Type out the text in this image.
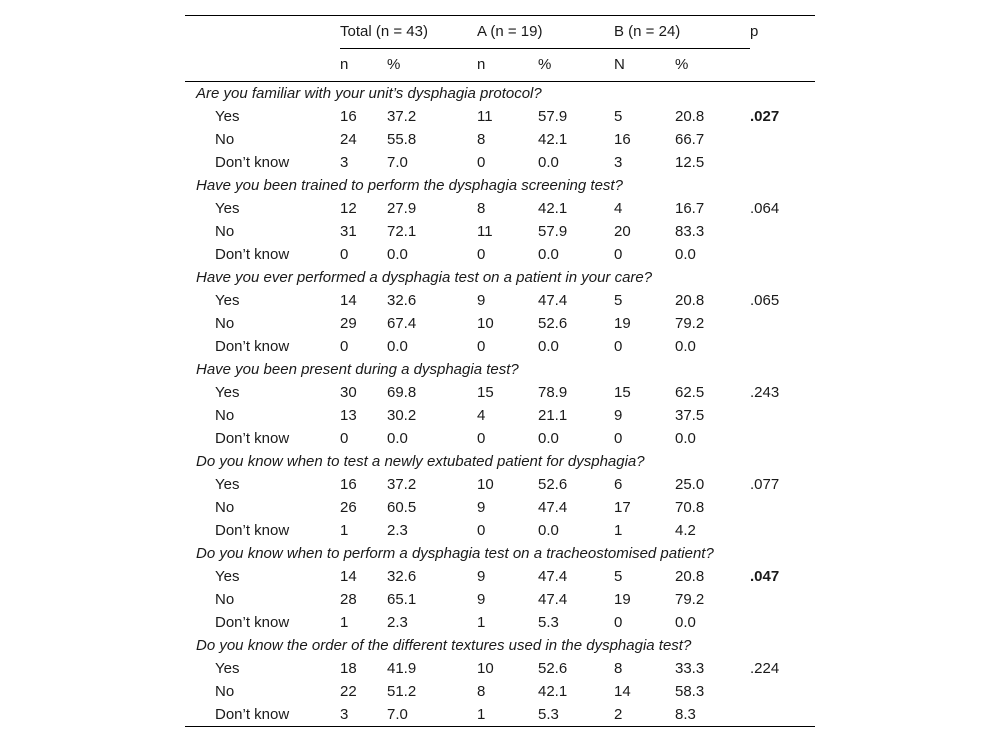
	Total (n = 43)		A (n = 19)		B (n = 24)		p
	n	%	n	%	N	%	
Are you familiar with your unit’s dysphagia protocol?							
Yes	16	37.2	11	57.9	5	20.8	.027
No	24	55.8	8	42.1	16	66.7	
Don’t know	3	7.0	0	0.0	3	12.5	
Have you been trained to perform the dysphagia screening test?							
Yes	12	27.9	8	42.1	4	16.7	.064
No	31	72.1	11	57.9	20	83.3	
Don’t know	0	0.0	0	0.0	0	0.0	
Have you ever performed a dysphagia test on a patient in your care?							
Yes	14	32.6	9	47.4	5	20.8	.065
No	29	67.4	10	52.6	19	79.2	
Don’t know	0	0.0	0	0.0	0	0.0	
Have you been present during a dysphagia test?							
Yes	30	69.8	15	78.9	15	62.5	.243
No	13	30.2	4	21.1	9	37.5	
Don’t know	0	0.0	0	0.0	0	0.0	
Do you know when to test a newly extubated patient for dysphagia?							
Yes	16	37.2	10	52.6	6	25.0	.077
No	26	60.5	9	47.4	17	70.8	
Don’t know	1	2.3	0	0.0	1	4.2	
Do you know when to perform a dysphagia test on a tracheostomised patient?							
Yes	14	32.6	9	47.4	5	20.8	.047
No	28	65.1	9	47.4	19	79.2	
Don’t know	1	2.3	1	5.3	0	0.0	
Do you know the order of the different textures used in the dysphagia test?							
Yes	18	41.9	10	52.6	8	33.3	.224
No	22	51.2	8	42.1	14	58.3	
Don’t know	3	7.0	1	5.3	2	8.3	
